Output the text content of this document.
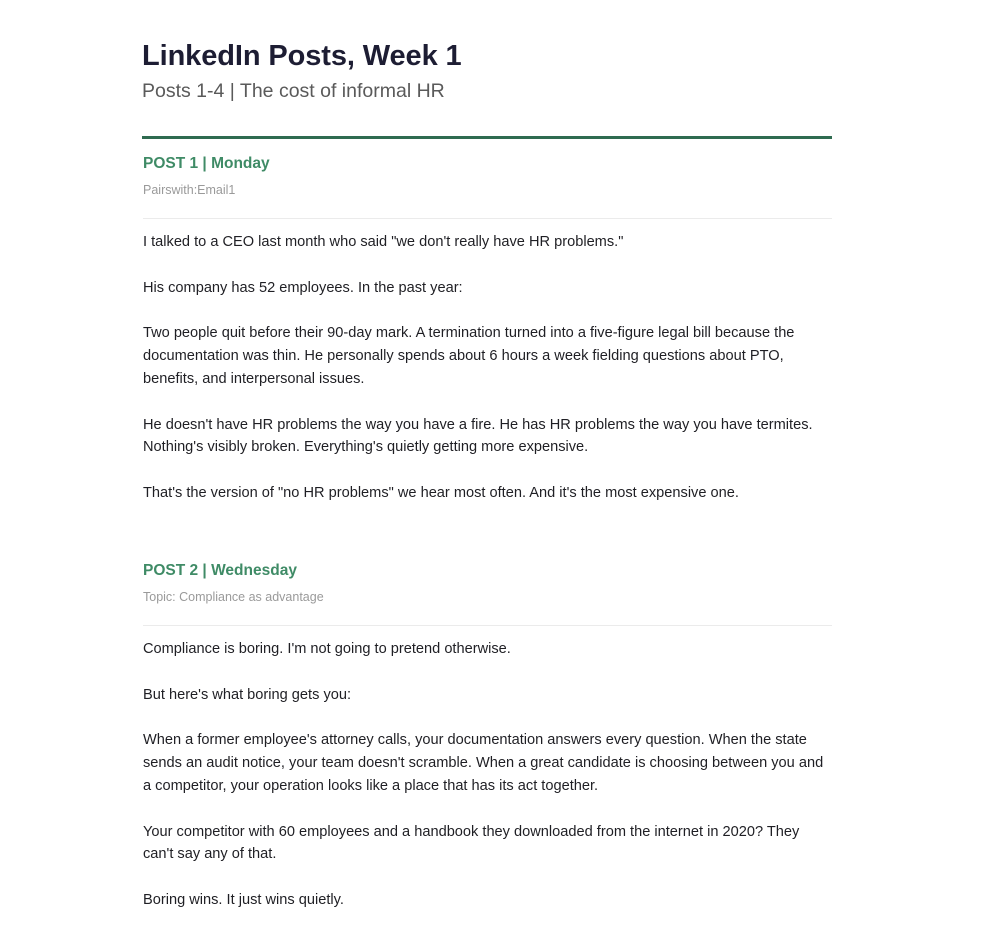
LinkedIn Posts, Week 1

Posts 1-4 | The cost of informal HR

POST 1 | Monday

Pairswith:Email1

I talked to a CEO last month who said "we don't really have HR problems."

His company has 52 employees. In the past year:

Two people quit before their 90-day mark. A termination turned into a five-figure legal bill because the documentation was thin. He personally spends about 6 hours a week fielding questions about PTO, benefits, and interpersonal issues.

He doesn't have HR problems the way you have a fire. He has HR problems the way you have termites. Nothing's visibly broken. Everything's quietly getting more expensive.

That's the version of "no HR problems" we hear most often. And it's the most expensive one.

POST 2 | Wednesday

Topic: Compliance as advantage

Compliance is boring. I'm not going to pretend otherwise.

But here's what boring gets you:

When a former employee's attorney calls, your documentation answers every question. When the state sends an audit notice, your team doesn't scramble. When a great candidate is choosing between you and a competitor, your operation looks like a place that has its act together.

Your competitor with 60 employees and a handbook they downloaded from the internet in 2020? They can't say any of that.

Boring wins. It just wins quietly.
